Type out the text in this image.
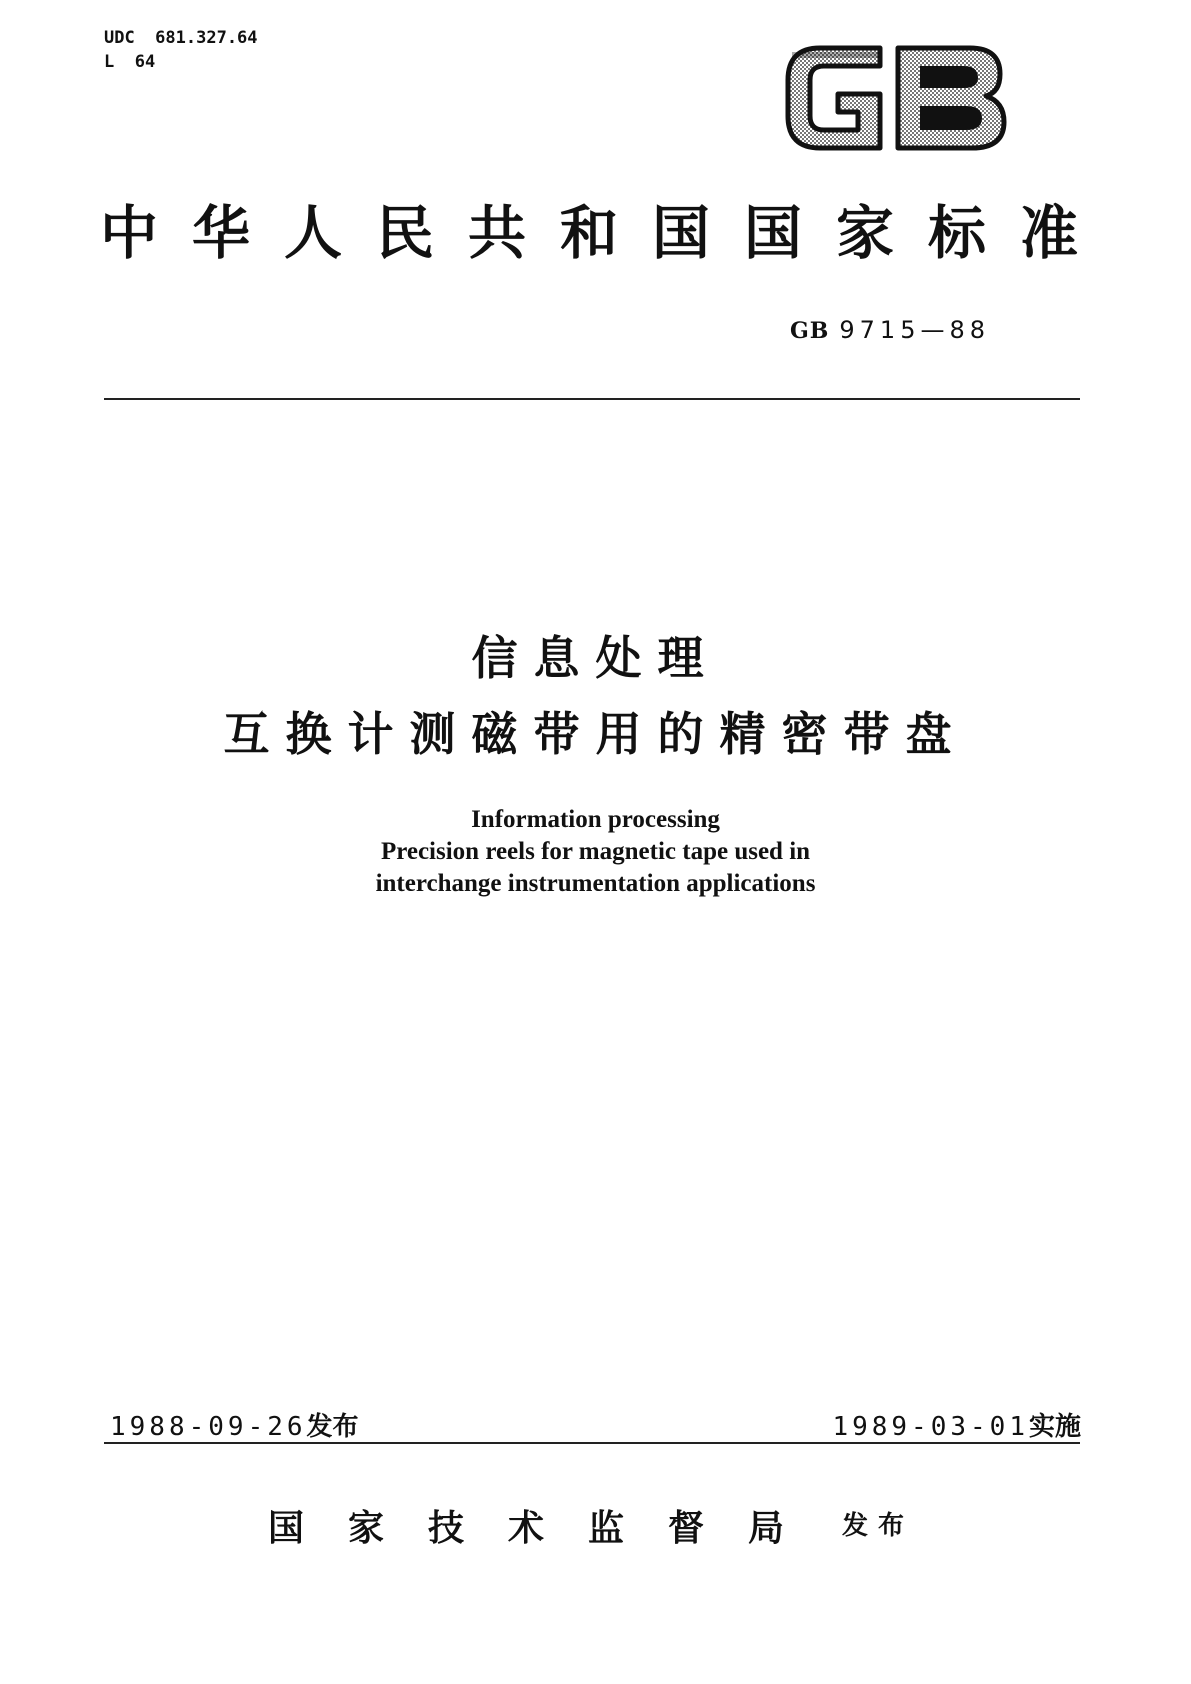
UDC  681.327.64
L  64
中华人民共和国国家标准
GB 9715—88
信息处理
互换计测磁带用的精密带盘
Information processing
Precision reels for magnetic tape used in
interchange instrumentation applications
1988-09-26发布	1989-03-01实施
国家技术监督局 发布
